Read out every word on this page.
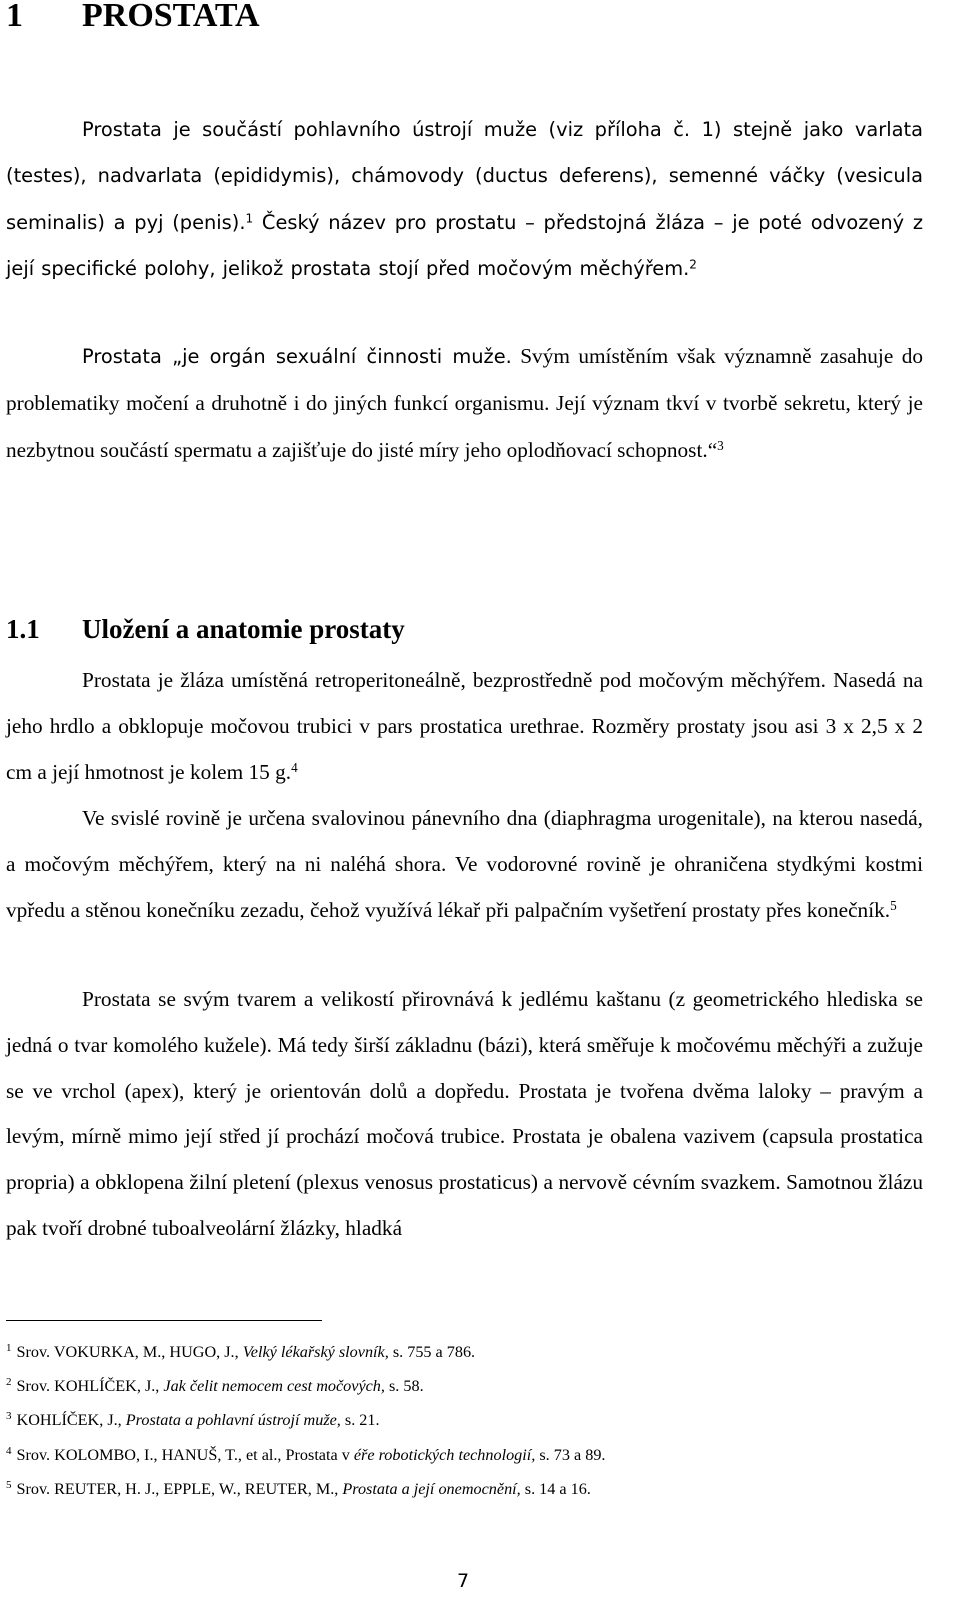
1 PROSTATA

Prostata je součástí pohlavního ústrojí muže (viz příloha č. 1) stejně jako varlata (testes), nadvarlata (epididymis), chámovody (ductus deferens), semenné váčky (vesicula seminalis) a pyj (penis).$^1$ Český název pro prostatu – předstojná žláza – je poté odvozený z její specifické polohy, jelikož prostata stojí před močovým měchýřem.$^2$

Prostata „je orgán sexuální činnosti muže. Svým umístěním však významně zasahuje do problematiky močení a druhotně i do jiných funkcí organismu. Její význam tkví v tvorbě sekretu, který je nezbytnou součástí spermatu a zajišťuje do jisté míry jeho oplodňovací schopnost.“$^3$

1.1 Uložení a anatomie prostaty

Prostata je žláza umístěná retroperitoneálně, bezprostředně pod močovým měchýřem. Nasedá na jeho hrdlo a obklopuje močovou trubici v pars prostatica urethrae. Rozměry prostaty jsou asi 3 x 2,5 x 2 cm a její hmotnost je kolem 15 g.$^4$

Ve svislé rovině je určena svalovinou pánevního dna (diaphragma urogenitale), na kterou nasedá, a močovým měchýřem, který na ni naléhá shora. Ve vodorovné rovině je ohraničena stydkými kostmi vpředu a stěnou konečníku zezadu, čehož využívá lékař při palpačním vyšetření prostaty přes konečník.$^5$

Prostata se svým tvarem a velikostí přirovnává k jedlému kaštanu (z geometrického hlediska se jedná o tvar komolého kužele). Má tedy širší základnu (bázi), která směřuje k močovému měchýři a zužuje se ve vrchol (apex), který je orientován dolů a dopředu. Prostata je tvořena dvěma laloky – pravým a levým, mírně mimo její střed jí prochází močová trubice. Prostata je obalena vazivem (capsula prostatica propria) a obklopena žilní pletení (plexus venosus prostaticus) a nervově cévním svazkem. Samotnou žlázu pak tvoří drobné tuboalveolární žlázky, hladká

$^1$ Srov. VOKURKA, M., HUGO, J., Velký lékařský slovník, s. 755 a 786.
$^2$ Srov. KOHLÍČEK, J., Jak čelit nemocem cest močových, s. 58.
$^3$ KOHLÍČEK, J., Prostata a pohlavní ústrojí muže, s. 21.
$^4$ Srov. KOLOMBO, I., HANUŠ, T., et al., Prostata v éře robotických technologií, s. 73 a 89.
$^5$ Srov. REUTER, H. J., EPPLE, W., REUTER, M., Prostata a její onemocnění, s. 14 a 16.
7
